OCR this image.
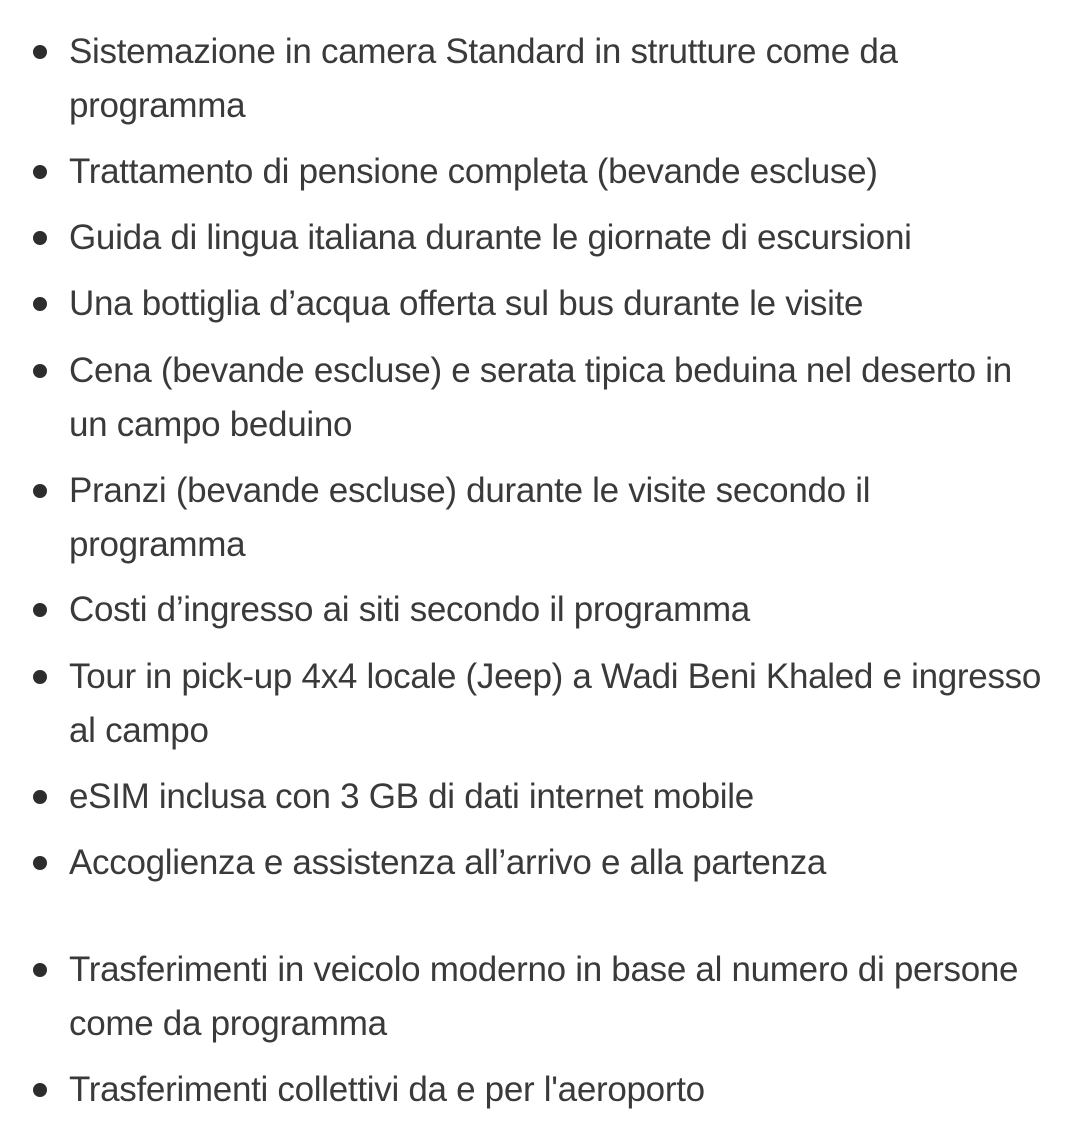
Sistemazione in camera Standard in strutture come da programma
Trattamento di pensione completa (bevande escluse)
Guida di lingua italiana durante le giornate di escursioni
Una bottiglia d’acqua offerta sul bus durante le visite
Cena (bevande escluse) e serata tipica beduina nel deserto in un campo beduino
Pranzi (bevande escluse) durante le visite secondo il programma
Costi d’ingresso ai siti secondo il programma
Tour in pick-up 4x4 locale (Jeep) a Wadi Beni Khaled e ingresso al campo
eSIM inclusa con 3 GB di dati internet mobile
Accoglienza e assistenza all’arrivo e alla partenza
Trasferimenti in veicolo moderno in base al numero di persone come da programma
Trasferimenti collettivi da e per l'aeroporto
